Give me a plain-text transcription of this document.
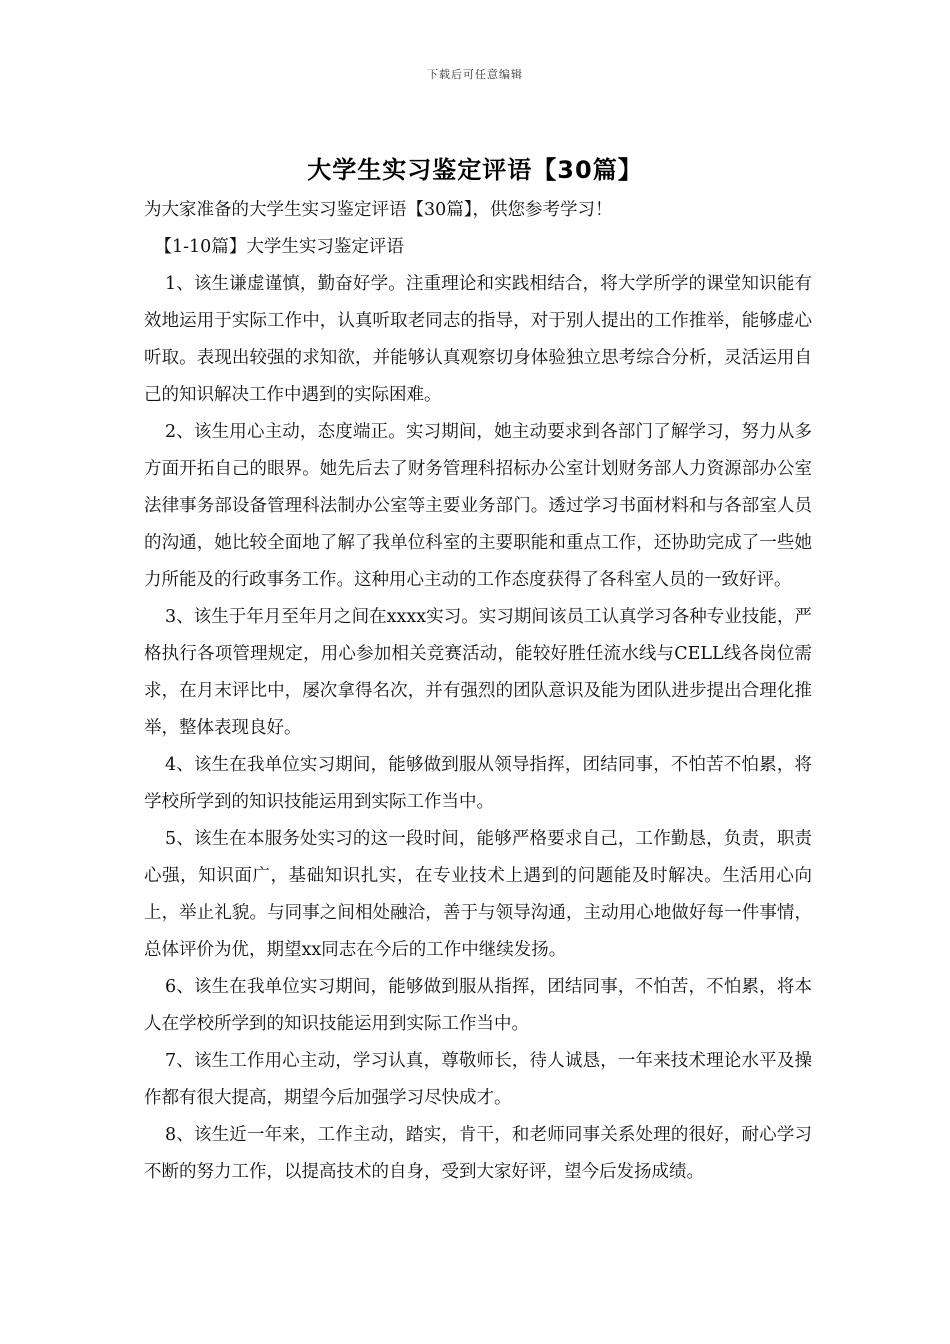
下载后可任意编辑
大学生实习鉴定评语【30篇】

为大家准备的大学生实习鉴定评语【30篇】，供您参考学习！

【1-10篇】大学生实习鉴定评语

1、该生谦虚谨慎，勤奋好学。注重理论和实践相结合，将大学所学的课堂知识能有效地运用于实际工作中，认真听取老同志的指导，对于别人提出的工作推举，能够虚心听取。表现出较强的求知欲，并能够认真观察切身体验独立思考综合分析，灵活运用自己的知识解决工作中遇到的实际困难。

2、该生用心主动，态度端正。实习期间，她主动要求到各部门了解学习，努力从多方面开拓自己的眼界。她先后去了财务管理科招标办公室计划财务部人力资源部办公室法律事务部设备管理科法制办公室等主要业务部门。透过学习书面材料和与各部室人员的沟通，她比较全面地了解了我单位科室的主要职能和重点工作，还协助完成了一些她力所能及的行政事务工作。这种用心主动的工作态度获得了各科室人员的一致好评。

3、该生于年月至年月之间在xxxx实习。实习期间该员工认真学习各种专业技能，严格执行各项管理规定，用心参加相关竞赛活动，能较好胜任流水线与CELL线各岗位需求，在月末评比中，屡次拿得名次，并有强烈的团队意识及能为团队进步提出合理化推举，整体表现良好。

4、该生在我单位实习期间，能够做到服从领导指挥，团结同事，不怕苦不怕累，将学校所学到的知识技能运用到实际工作当中。

5、该生在本服务处实习的这一段时间，能够严格要求自己，工作勤恳，负责，职责心强，知识面广，基础知识扎实，在专业技术上遇到的问题能及时解决。生活用心向上，举止礼貌。与同事之间相处融洽，善于与领导沟通，主动用心地做好每一件事情，总体评价为优，期望xx同志在今后的工作中继续发扬。

6、该生在我单位实习期间，能够做到服从指挥，团结同事，不怕苦，不怕累，将本人在学校所学到的知识技能运用到实际工作当中。

7、该生工作用心主动，学习认真，尊敬师长，待人诚恳，一年来技术理论水平及操作都有很大提高，期望今后加强学习尽快成才。

8、该生近一年来，工作主动，踏实，肯干，和老师同事关系处理的很好，耐心学习不断的努力工作，以提高技术的自身，受到大家好评，望今后发扬成绩。
